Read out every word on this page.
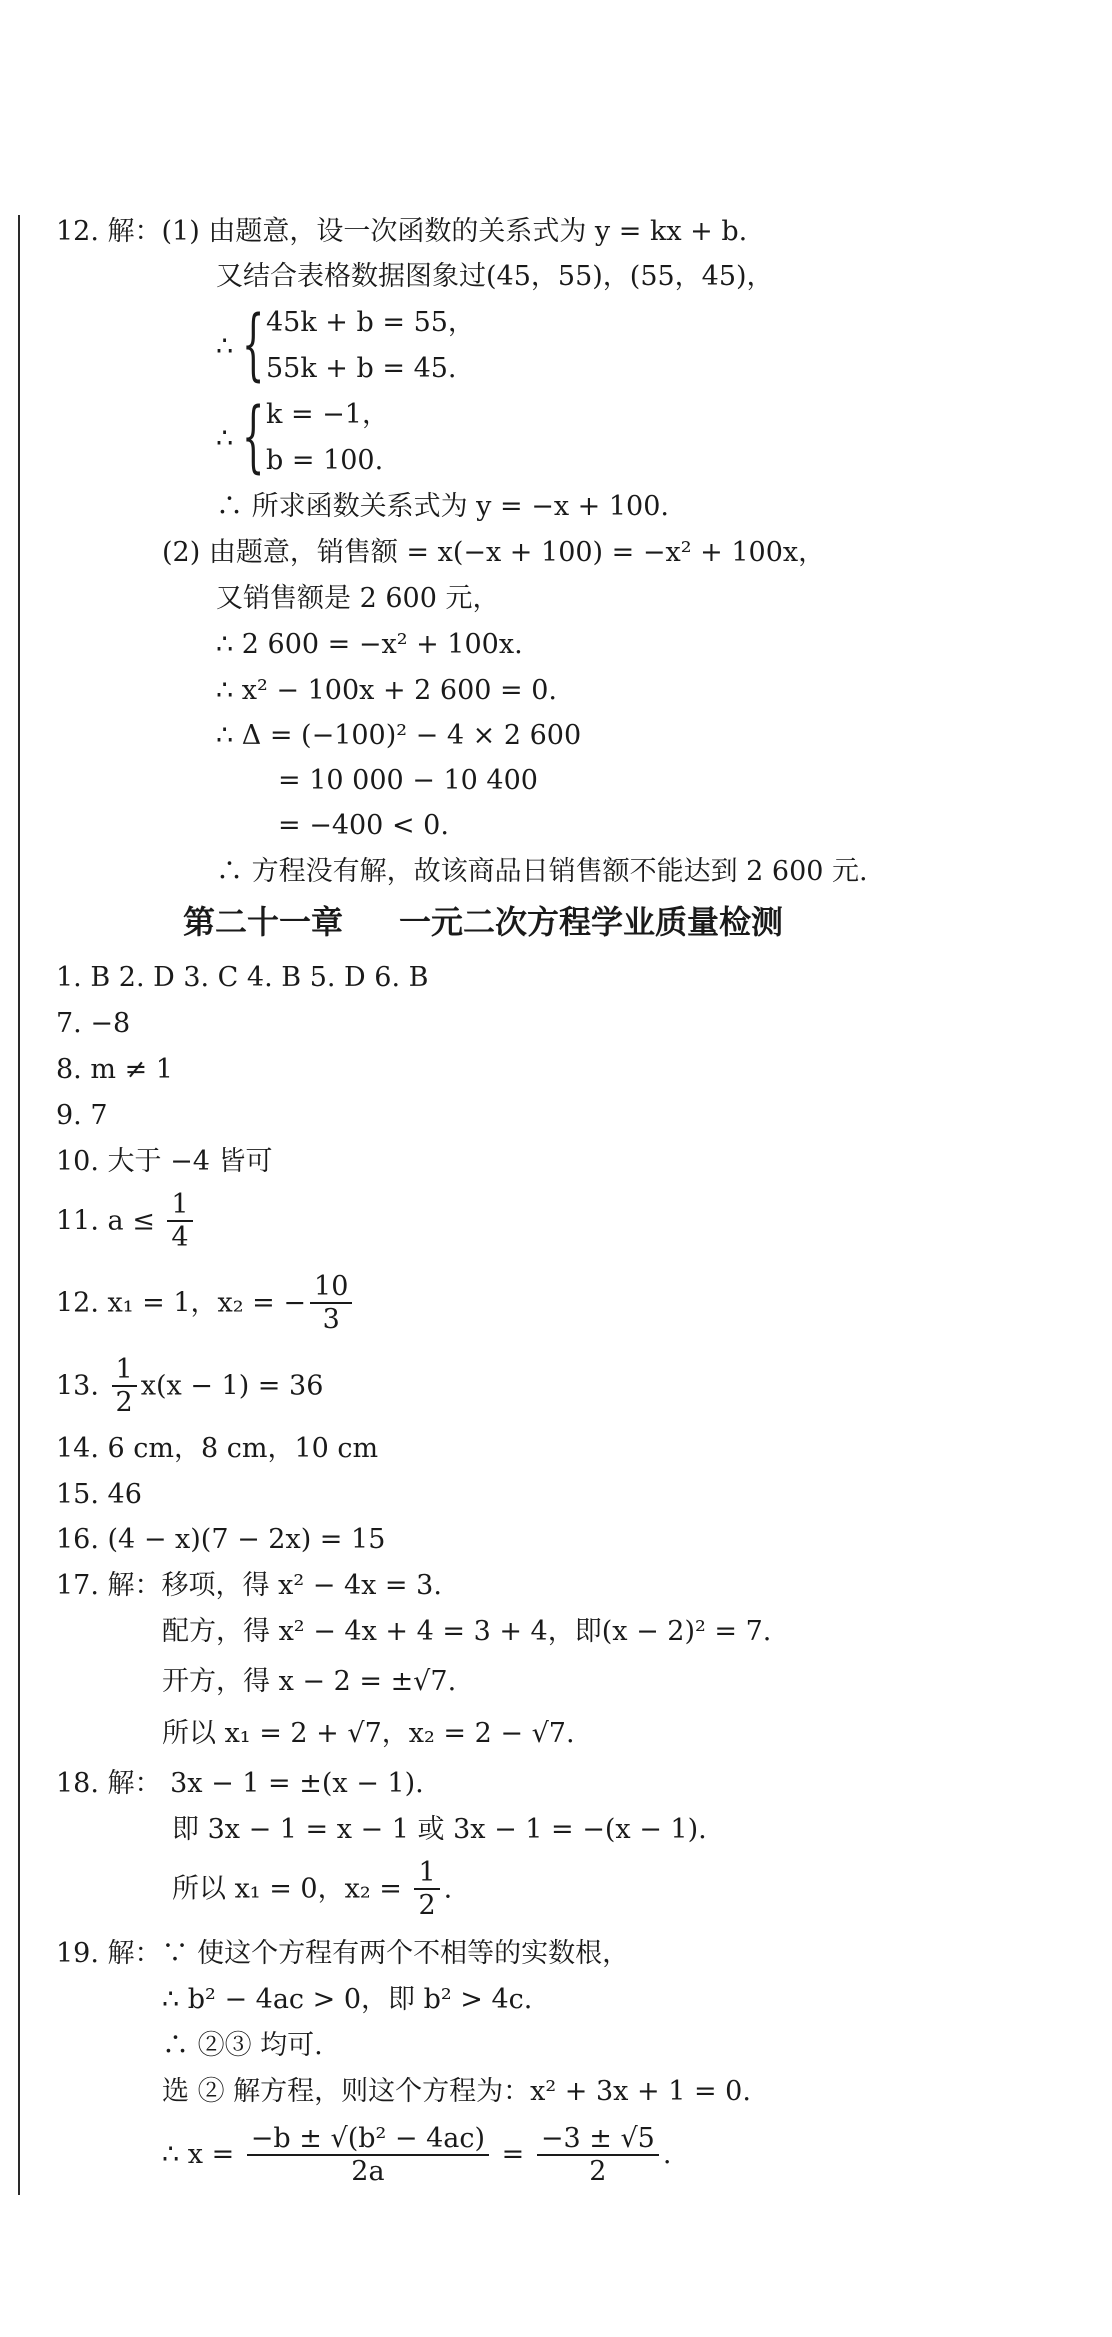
12. 解：(1) 由题意，设一次函数的关系式为 y = kx + b.
又结合表格数据图象过(45，55)，(55，45)，
∴ { 45k + b = 55，
55k + b = 45.
∴ { k = −1，
b = 100.
∴ 所求函数关系式为 y = −x + 100.
(2) 由题意，销售额 = x(−x + 100) = −x² + 100x，
又销售额是 2 600 元，
∴ 2 600 = −x² + 100x.
∴ x² − 100x + 2 600 = 0.
∴ Δ = (−100)² − 4 × 2 600
= 10 000 − 10 400
= −400 < 0.
∴ 方程没有解，故该商品日销售额不能达到 2 600 元.
第二十一章 一元二次方程学业质量检测
1. B 2. D 3. C 4. B 5. D 6. B
7. −8
8. m ≠ 1
9. 7
10. 大于 −4 皆可
11. $a \le \frac{1}{4}$
12. x₁ = 1，x₂ = − $\frac{10}{3}$
13. $\frac{1}{2} x(x - 1) = 36$
14. 6 cm，8 cm，10 cm
15. 46
16. (4 − x)(7 − 2x) = 15
17. 解：移项，得 x² − 4x = 3.
配方，得 x² − 4x + 4 = 3 + 4，即(x − 2)² = 7.
开方，得 x − 2 = ±√7.
所以 x₁ = 2 + √7，x₂ = 2 − √7.
18. 解： 3x − 1 = ±(x − 1).
即 3x − 1 = x − 1 或 3x − 1 = −(x − 1).
所以 x₁ = 0，$x_2 = \frac{1}{2}$ .
19. 解：∵ 使这个方程有两个不相等的实数根，
∴ b² − 4ac > 0，即 b² > 4c.
∴ ②③ 均可.
选 ② 解方程，则这个方程为：x² + 3x + 1 = 0.
∴ $x = \frac{\text{−b ± √(b² − 4ac)}}{2a} = \frac{-3 \pm √5}{2}$ .
